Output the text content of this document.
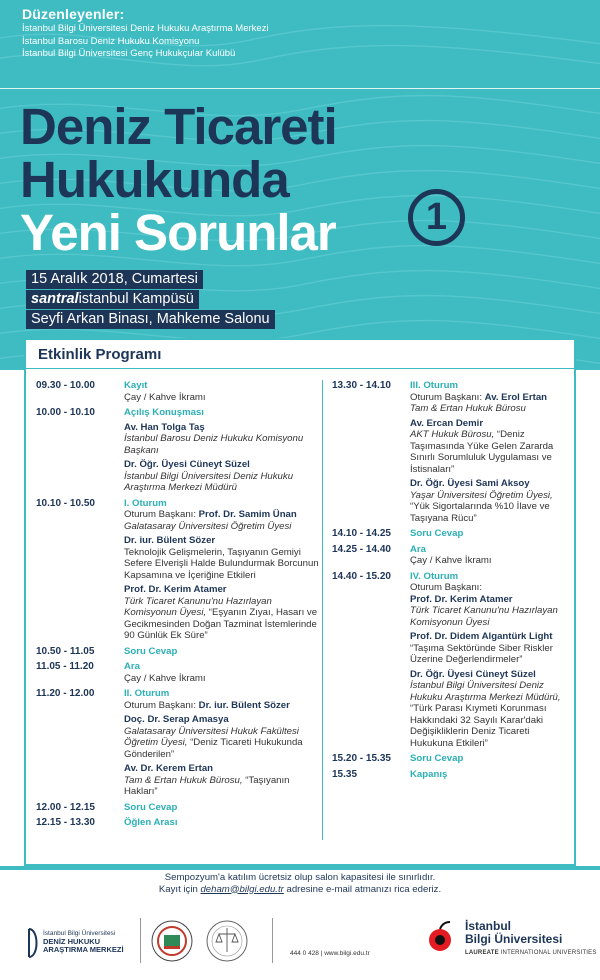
Düzenleyenler:
İstanbul Bilgi Üniversitesi Deniz Hukuku Araştırma Merkezi
İstanbul Barosu Deniz Hukuku Komisyonu
İstanbul Bilgi Üniversitesi Genç Hukukçular Kulübü
Deniz Ticareti
Hukukunda
Yeni Sorunlar	1
15 Aralık 2018, Cumartesi
santralistanbul Kampüsü
Seyfi Arkan Binası, Mahkeme Salonu
Etkinlik Programı
09.30 - 10.00	Kayıt
Çay / Kahve İkramı
10.00 - 10.10	Açılış Konuşması
Av. Han Tolga Taş
İstanbul Barosu Deniz Hukuku Komisyonu Başkanı
Dr. Öğr. Üyesi Cüneyt Süzel
İstanbul Bilgi Üniversitesi Deniz Hukuku Araştırma Merkezi Müdürü
10.10 - 10.50	I. Oturum
Oturum Başkanı: Prof. Dr. Samim Ünan
Galatasaray Üniversitesi Öğretim Üyesi
Dr. iur. Bülent Sözer
Teknolojik Gelişmelerin, Taşıyanın Gemiyi Sefere Elverişli Halde Bulundurmak Borcunun Kapsamına ve İçeriğine Etkileri
Prof. Dr. Kerim Atamer
Türk Ticaret Kanunu'nu Hazırlayan Komisyonun Üyesi, “Eşyanın Zıyaı, Hasarı ve Gecikmesinden Doğan Tazminat İstemlerinde 90 Günlük Ek Süre”
10.50 - 11.05	Soru Cevap
11.05 - 11.20	Ara
Çay / Kahve İkramı
11.20 - 12.00	II. Oturum
Oturum Başkanı: Dr. iur. Bülent Sözer
Doç. Dr. Serap Amasya
Galatasaray Üniversitesi Hukuk Fakültesi Öğretim Üyesi, “Deniz Ticareti Hukukunda Gönderilen”
Av. Dr. Kerem Ertan
Tam & Ertan Hukuk Bürosu, “Taşıyanın Hakları”
12.00 - 12.15	Soru Cevap
12.15 - 13.30	Öğlen Arası
13.30 - 14.10	III. Oturum
Oturum Başkanı: Av. Erol Ertan
Tam & Ertan Hukuk Bürosu
Av. Ercan Demir
AKT Hukuk Bürosu, “Deniz Taşımasında Yüke Gelen Zararda Sınırlı Sorumluluk Uygulaması ve İstisnaları”
Dr. Öğr. Üyesi Sami Aksoy
Yaşar Üniversitesi Öğretim Üyesi, “Yük Sigortalarında %10 İlave ve Taşıyana Rücu”
14.10 - 14.25	Soru Cevap
14.25 - 14.40	Ara
Çay / Kahve İkramı
14.40 - 15.20	IV. Oturum
Oturum Başkanı:
Prof. Dr. Kerim Atamer
Türk Ticaret Kanunu'nu Hazırlayan Komisyonun Üyesi
Prof. Dr. Didem Algantürk Light
“Taşıma Sektöründe Siber Riskler Üzerine Değerlendirmeler”
Dr. Öğr. Üyesi Cüneyt Süzel
İstanbul Bilgi Üniversitesi Deniz Hukuku Araştırma Merkezi Müdürü, “Türk Parası Kıymeti Korunması Hakkındaki 32 Sayılı Karar'daki Değişikliklerin Deniz Ticareti Hukukuna Etkileri”
15.20 - 15.35	Soru Cevap
15.35	Kapanış
Sempozyum'a katılım ücretsiz olup salon kapasitesi ile sınırlıdır.
Kayıt için deham@bilgi.edu.tr adresine e-mail atmanızı rica ederiz.
İstanbul Bilgi Üniversitesi
DENİZ HUKUKU
ARAŞTIRMA MERKEZİ	444 0 428 | www.bilgi.edu.tr
İstanbul
Bilgi Üniversitesi
LAUREATE INTERNATIONAL UNIVERSITIES
